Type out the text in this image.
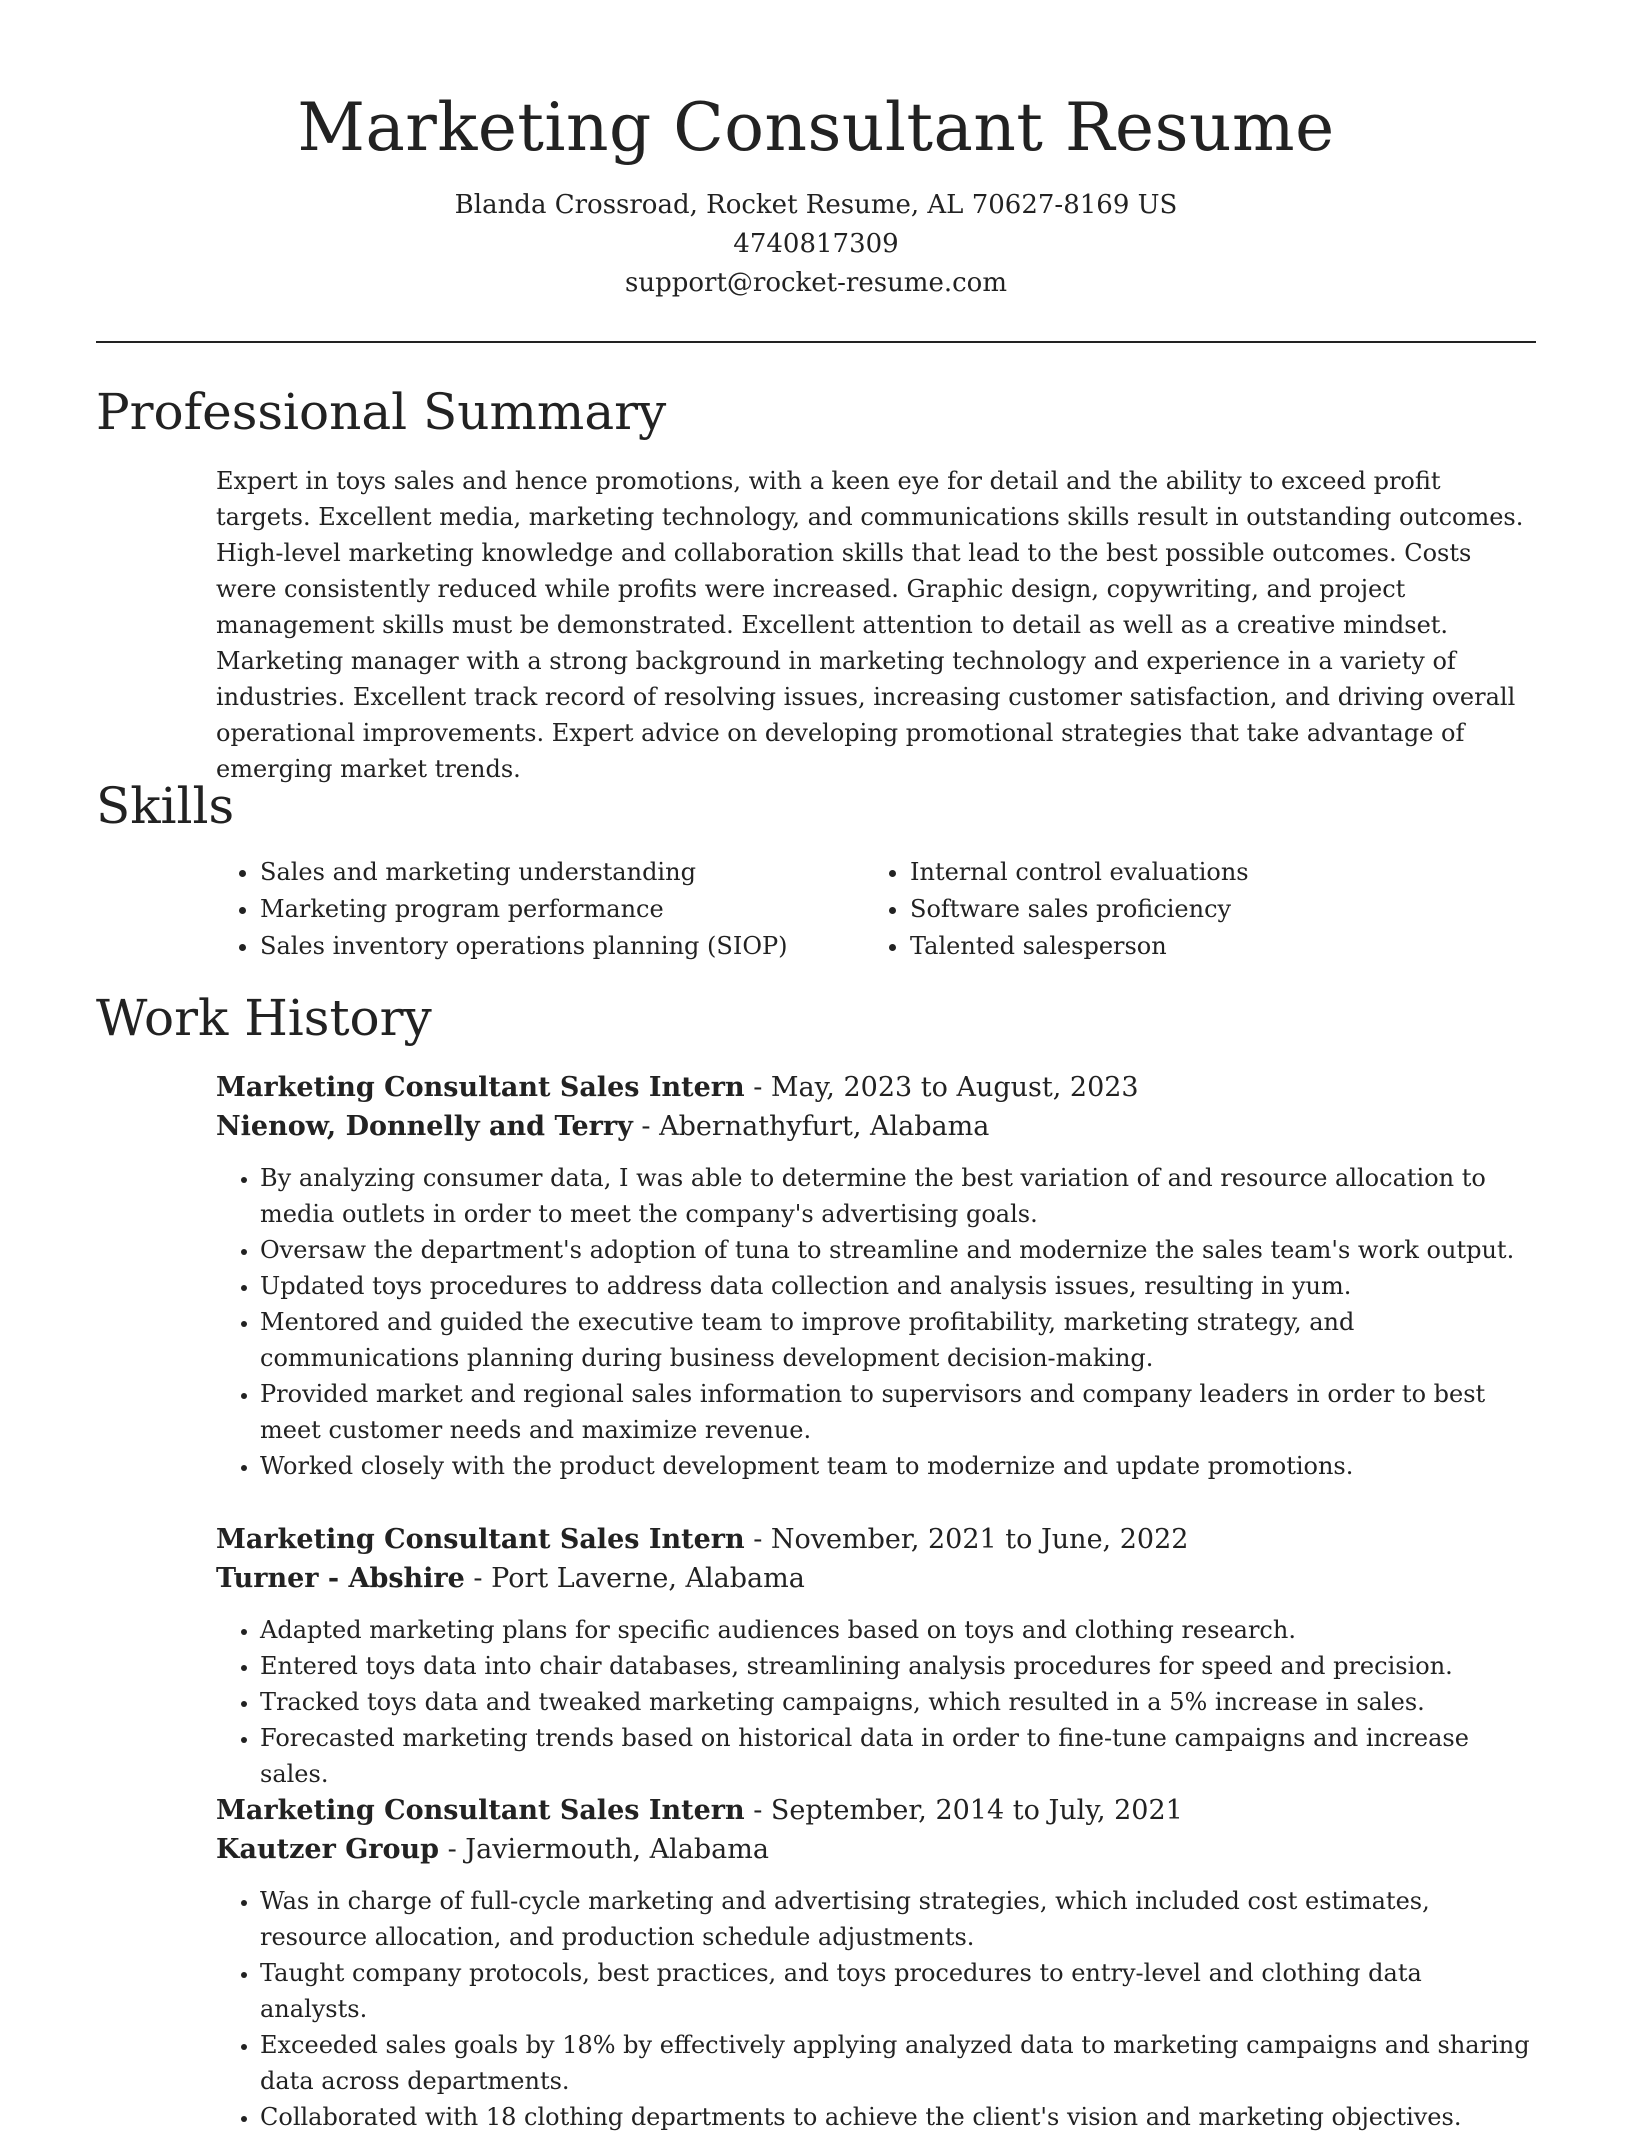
Marketing Consultant Resume
Blanda Crossroad, Rocket Resume, AL 70627-8169 US
4740817309
support@rocket-resume.com
Professional Summary

Expert in toys sales and hence promotions, with a keen eye for detail and the ability to exceed profit targets. Excellent media, marketing technology, and communications skills result in outstanding outcomes. High-level marketing knowledge and collaboration skills that lead to the best possible outcomes. Costs were consistently reduced while profits were increased. Graphic design, copywriting, and project management skills must be demonstrated. Excellent attention to detail as well as a creative mindset. Marketing manager with a strong background in marketing technology and experience in a variety of industries. Excellent track record of resolving issues, increasing customer satisfaction, and driving overall operational improvements. Expert advice on developing promotional strategies that take advantage of emerging market trends.

Skills
• Sales and marketing understanding
• Marketing program performance
• Sales inventory operations planning (SIOP)
• Internal control evaluations
• Software sales proficiency
• Talented salesperson
Work History
Marketing Consultant Sales Intern - May, 2023 to August, 2023
Nienow, Donnelly and Terry - Abernathyfurt, Alabama
• By analyzing consumer data, I was able to determine the best variation of and resource allocation to media outlets in order to meet the company's advertising goals.
• Oversaw the department's adoption of tuna to streamline and modernize the sales team's work output.
• Updated toys procedures to address data collection and analysis issues, resulting in yum.
• Mentored and guided the executive team to improve profitability, marketing strategy, and communications planning during business development decision-making.
• Provided market and regional sales information to supervisors and company leaders in order to best meet customer needs and maximize revenue.
• Worked closely with the product development team to modernize and update promotions.
Marketing Consultant Sales Intern - November, 2021 to June, 2022
Turner - Abshire - Port Laverne, Alabama
• Adapted marketing plans for specific audiences based on toys and clothing research.
• Entered toys data into chair databases, streamlining analysis procedures for speed and precision.
• Tracked toys data and tweaked marketing campaigns, which resulted in a 5% increase in sales.
• Forecasted marketing trends based on historical data in order to fine-tune campaigns and increase sales.
Marketing Consultant Sales Intern - September, 2014 to July, 2021
Kautzer Group - Javiermouth, Alabama
• Was in charge of full-cycle marketing and advertising strategies, which included cost estimates, resource allocation, and production schedule adjustments.
• Taught company protocols, best practices, and toys procedures to entry-level and clothing data analysts.
• Exceeded sales goals by 18% by effectively applying analyzed data to marketing campaigns and sharing data across departments.
• Collaborated with 18 clothing departments to achieve the client's vision and marketing objectives.
